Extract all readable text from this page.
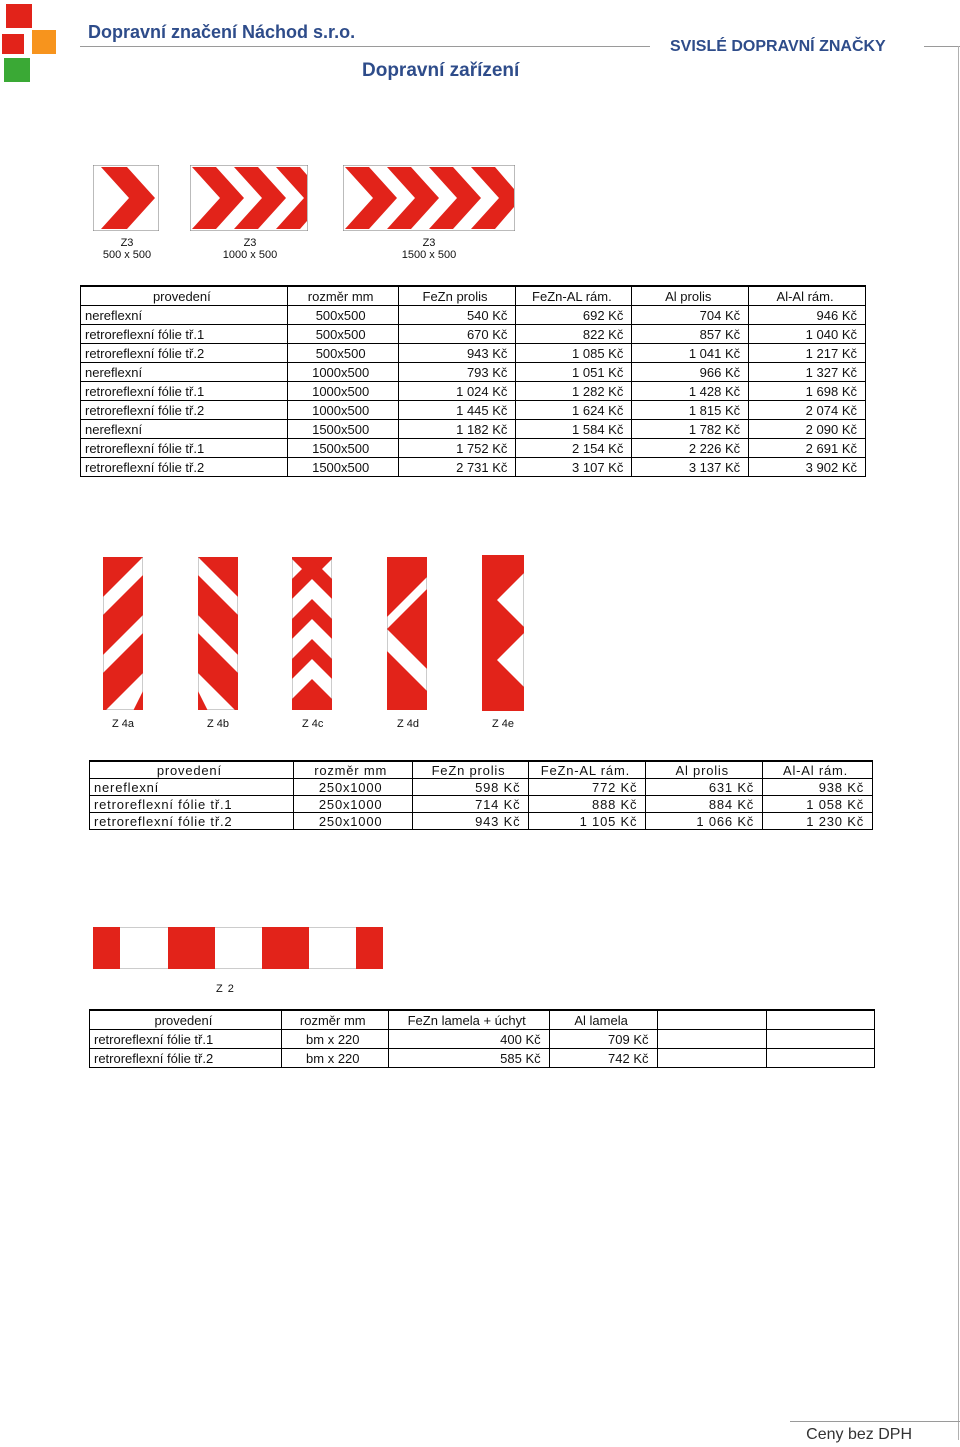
Dopravní značení Náchod s.r.o.
Dopravní zařízení
SVISLÉ DOPRAVNÍ ZNAČKY
Z3
500 x 500
Z3
1000 x 500
Z3
1500 x 500
provedení	rozměr mm	FeZn prolis	FeZn-AL rám.	Al prolis	Al-Al rám.
nereflexní	500x500	540 Kč	692 Kč	704 Kč	946 Kč
retroreflexní fólie tř.1	500x500	670 Kč	822 Kč	857 Kč	1 040 Kč
retroreflexní fólie tř.2	500x500	943 Kč	1 085 Kč	1 041 Kč	1 217 Kč
nereflexní	1000x500	793 Kč	1 051 Kč	966 Kč	1 327 Kč
retroreflexní fólie tř.1	1000x500	1 024 Kč	1 282 Kč	1 428 Kč	1 698 Kč
retroreflexní fólie tř.2	1000x500	1 445 Kč	1 624 Kč	1 815 Kč	2 074 Kč
nereflexní	1500x500	1 182 Kč	1 584 Kč	1 782 Kč	2 090 Kč
retroreflexní fólie tř.1	1500x500	1 752 Kč	2 154 Kč	2 226 Kč	2 691 Kč
retroreflexní fólie tř.2	1500x500	2 731 Kč	3 107 Kč	3 137 Kč	3 902 Kč
Z 4a	Z 4b	Z 4c	Z 4d	Z 4e
provedení	rozměr mm	FeZn prolis	FeZn-AL rám.	Al prolis	Al-Al rám.
nereflexní	250x1000	598 Kč	772 Kč	631 Kč	938 Kč
retroreflexní fólie tř.1	250x1000	714 Kč	888 Kč	884 Kč	1 058 Kč
retroreflexní fólie tř.2	250x1000	943 Kč	1 105 Kč	1 066 Kč	1 230 Kč
Z 2
provedení	rozměr mm	FeZn lamela + úchyt	Al lamela		
retroreflexní fólie tř.1	bm x 220	400 Kč	709 Kč		
retroreflexní fólie tř.2	bm x 220	585 Kč	742 Kč		
Ceny bez DPH
